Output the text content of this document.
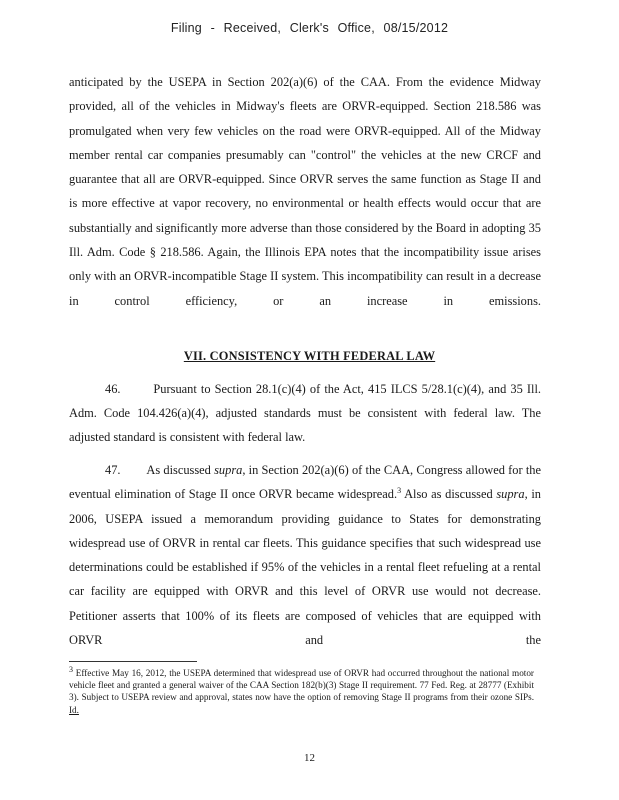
Filing - Received, Clerk's Office, 08/15/2012
anticipated by the USEPA in Section 202(a)(6) of the CAA. From the evidence Midway provided, all of the vehicles in Midway's fleets are ORVR-equipped. Section 218.586 was promulgated when very few vehicles on the road were ORVR-equipped. All of the Midway member rental car companies presumably can "control" the vehicles at the new CRCF and guarantee that all are ORVR-equipped. Since ORVR serves the same function as Stage II and is more effective at vapor recovery, no environmental or health effects would occur that are substantially and significantly more adverse than those considered by the Board in adopting 35 Ill. Adm. Code § 218.586. Again, the Illinois EPA notes that the incompatibility issue arises only with an ORVR-incompatible Stage II system. This incompatibility can result in a decrease in control efficiency, or an increase in emissions.
VII. CONSISTENCY WITH FEDERAL LAW
46.	Pursuant to Section 28.1(c)(4) of the Act, 415 ILCS 5/28.1(c)(4), and 35 Ill. Adm. Code 104.426(a)(4), adjusted standards must be consistent with federal law. The adjusted standard is consistent with federal law.
47. As discussed supra, in Section 202(a)(6) of the CAA, Congress allowed for the eventual elimination of Stage II once ORVR became widespread.$^3$ Also as discussed supra, in 2006, USEPA issued a memorandum providing guidance to States for demonstrating widespread use of ORVR in rental car fleets. This guidance specifies that such widespread use determinations could be established if 95% of the vehicles in a rental fleet refueling at a rental car facility are equipped with ORVR and this level of ORVR use would not decrease. Petitioner asserts that 100% of its fleets are composed of vehicles that are equipped with ORVR and the
$^3$ Effective May 16, 2012, the USEPA determined that widespread use of ORVR had occurred throughout the national motor vehicle fleet and granted a general waiver of the CAA Section 182(b)(3) Stage II requirement. 77 Fed. Reg. at 28777 (Exhibit 3). Subject to USEPA review and approval, states now have the option of removing Stage II programs from their ozone SIPs. Id.
12
